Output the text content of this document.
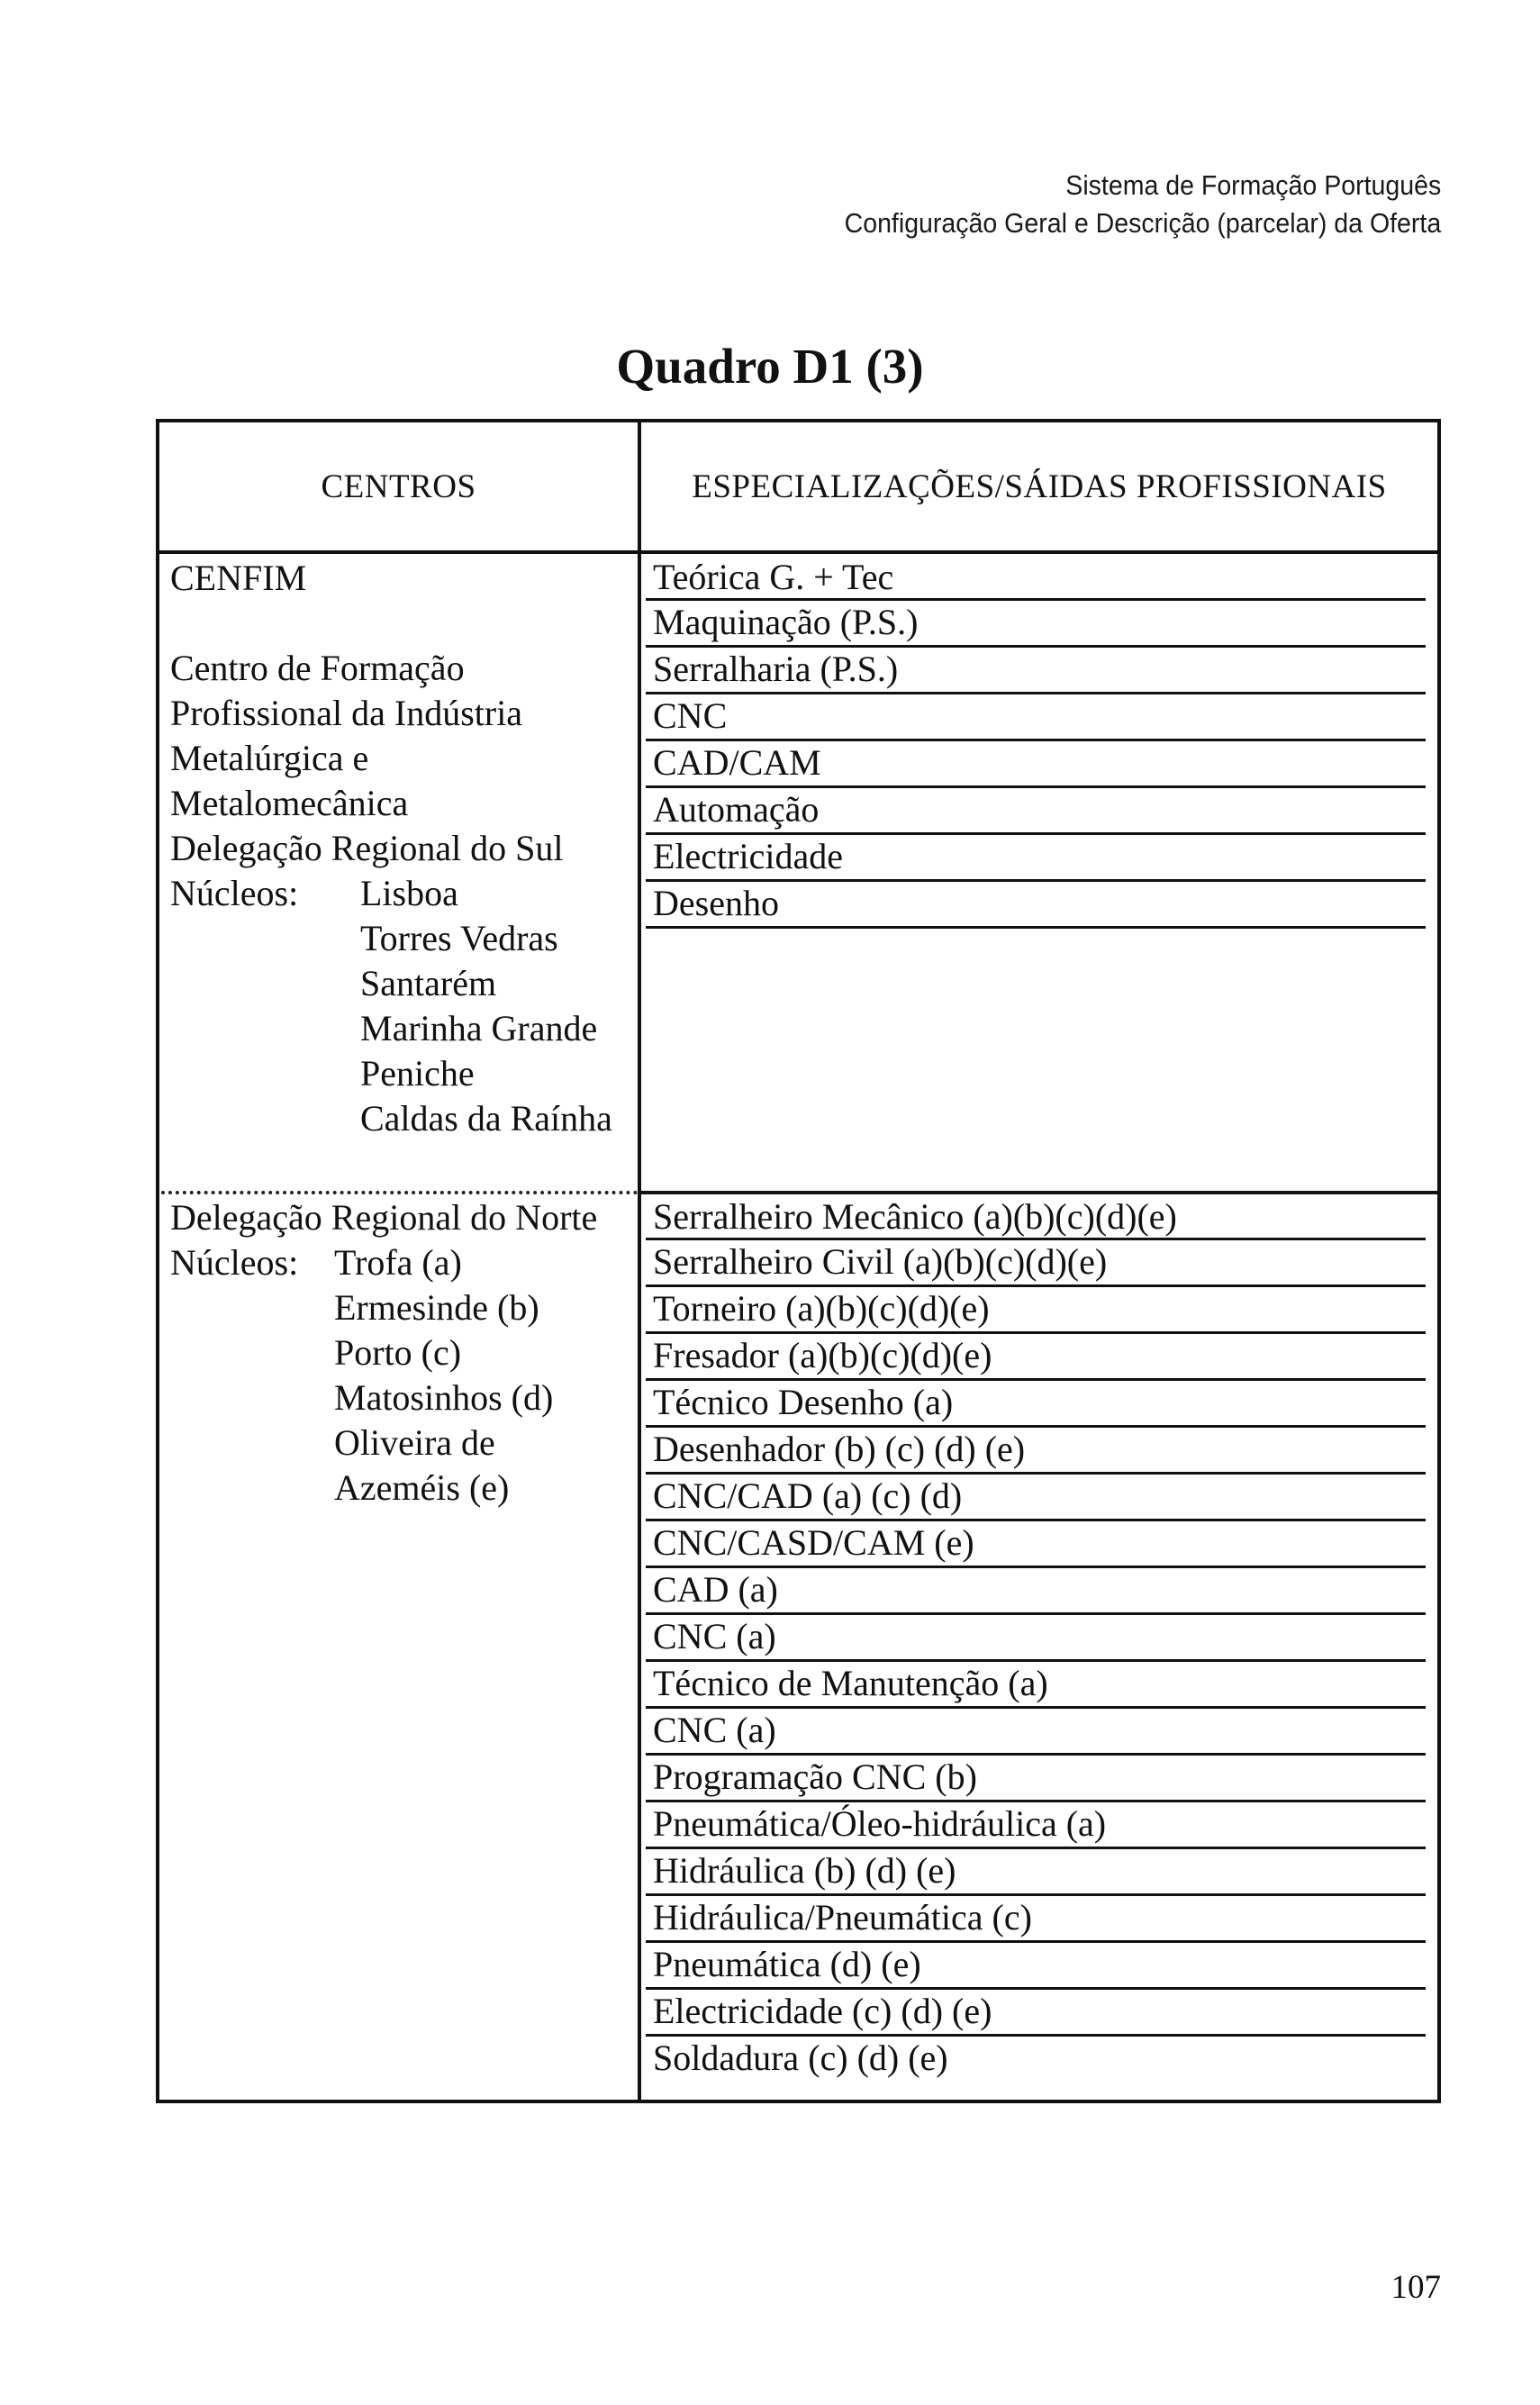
Sistema de Formação Português
Configuração Geral e Descrição (parcelar) da Oferta
Quadro D1 (3)
CENTROS	ESPECIALIZAÇÕES/SÁIDAS PROFISSIONAIS
CENFIM
Centro de Formação
Profissional da Indústria
Metalúrgica e
Metalomecânica
Delegação Regional do Sul
Núcleos: Lisboa
Torres Vedras
Santarém
Marinha Grande
Peniche
Caldas da Raínha
Teórica G. + Tec
Maquinação (P.S.)
Serralharia (P.S.)
CNC
CAD/CAM
Automação
Electricidade
Desenho
Delegação Regional do Norte
Núcleos: Trofa (a)
Ermesinde (b)
Porto (c)
Matosinhos (d)
Oliveira de
Azeméis (e)
Serralheiro Mecânico (a)(b)(c)(d)(e)
Serralheiro Civil (a)(b)(c)(d)(e)
Torneiro (a)(b)(c)(d)(e)
Fresador (a)(b)(c)(d)(e)
Técnico Desenho (a)
Desenhador (b) (c) (d) (e)
CNC/CAD (a) (c) (d)
CNC/CASD/CAM (e)
CAD (a)
CNC (a)
Técnico de Manutenção (a)
CNC (a)
Programação CNC (b)
Pneumática/Óleo-hidráulica (a)
Hidráulica (b) (d) (e)
Hidráulica/Pneumática (c)
Pneumática (d) (e)
Electricidade (c) (d) (e)
Soldadura (c) (d) (e)
107
